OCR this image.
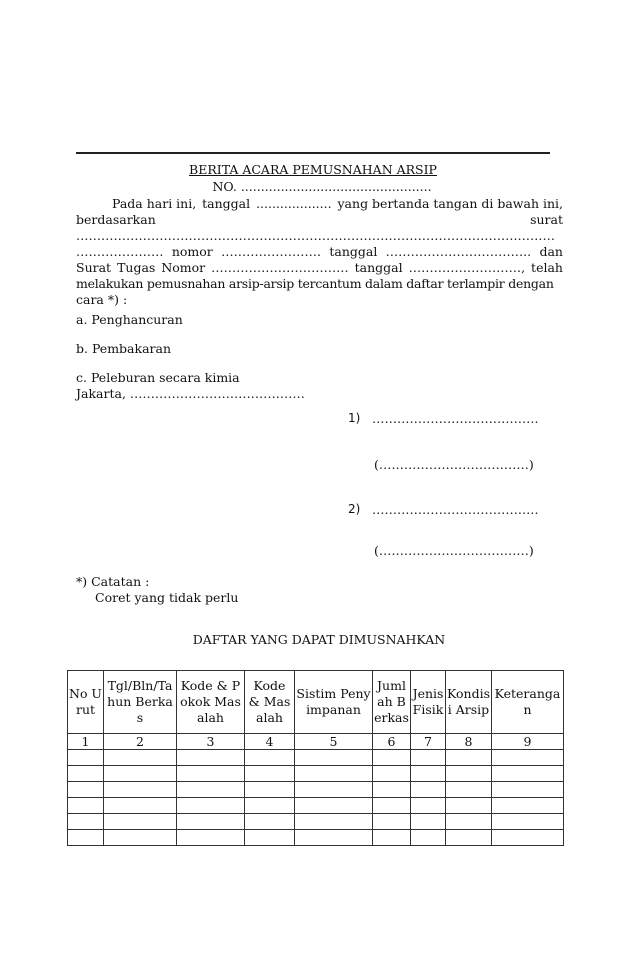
BERITA ACARA PEMUSNAHAN ARSIP
NO. ................................................
Pada hari ini, tanggal ................... yang bertanda tangan di bawah ini,
berdasarkan	surat
…………………………………………………………………………………………….………
………………… nomor …………………… tanggal …………………………….. dan
Surat Tugas Nomor …………………………… tanggal ………………………, telah
melakukan pemusnahan arsip-arsip tercantum dalam daftar terlampir dengan
cara *) :
a. Penghancuran
b. Pembakaran
c. Peleburan secara kimia
Jakarta, ……………………………………
1) ………………………………….
(………………………………)
2) ………………………………….
(………………………………)
*) Catatan :
Coret yang tidak perlu
DAFTAR YANG DAPAT DIMUSNAHKAN
No Urut	Tgl/Bln/Tahun Berkas	Kode & Pokok Masalah	Kode & Masalah	Sistim Penyimpanan	Jumlah Berkas	Jenis Fisik	Kondisi Arsip	Keterangan
1	2	3	4	5	6	7	8	9
